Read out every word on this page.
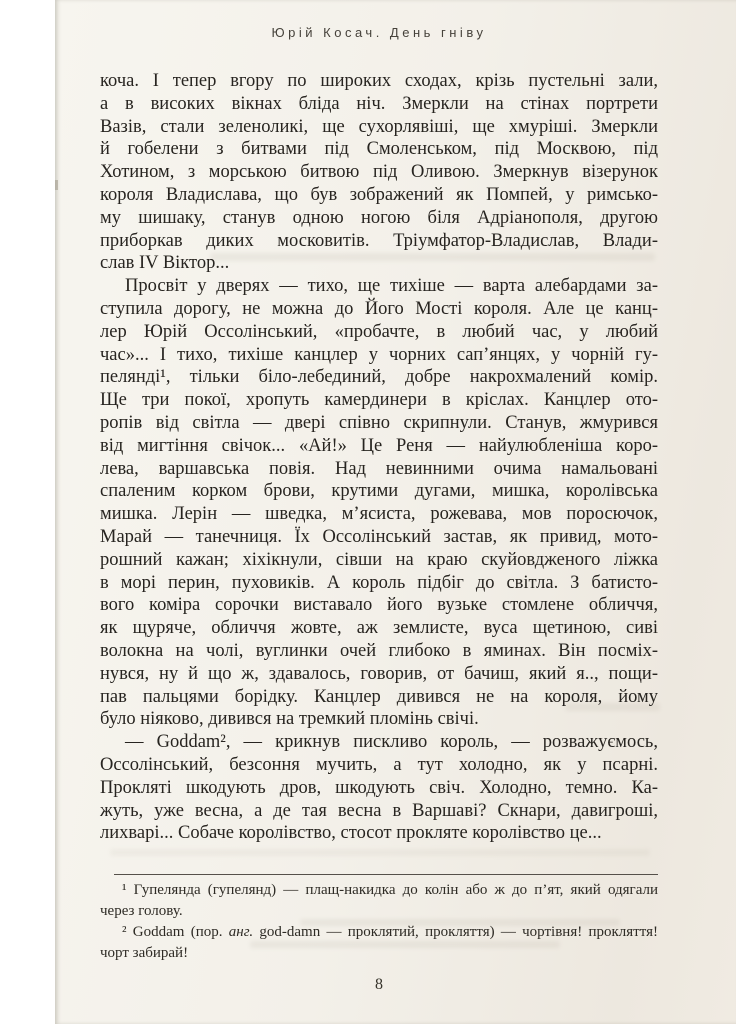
Юрій Косач. День гніву
коча. І тепер вгору по широких сходах, крізь пустельні зали,
а в високих вікнах бліда ніч. Змеркли на стінах портрети
Вазів, стали зеленоликі, ще сухорлявіші, ще хмуріші. Змеркли
й гобелени з битвами під Смоленськом, під Москвою, під
Хотином, з морською битвою під Оливою. Змеркнув візерунок
короля Владислава, що був зображений як Помпей, у римсько-
му шишаку, станув одною ногою біля Адріанополя, другою
приборкав диких московитів. Тріумфатор-Владислав, Влади-
слав IV Віктор...
Просвіт у дверях — тихо, ще тихіше — варта алебардами за-
ступила дорогу, не можна до Його Мості короля. Але це канц-
лер Юрій Оссолінський, «пробачте, в любий час, у любий
час»... І тихо, тихіше канцлер у чорних сап’янцях, у чорній гу-
пелянді¹, тільки біло-лебединий, добре накрохмалений комір.
Ще три покої, хропуть камердинери в кріслах. Канцлер ото-
ропів від світла — двері співно скрипнули. Станув, жмурився
від мигтіння свічок... «Ай!» Це Реня — найулюбленіша коро-
лева, варшавська повія. Над невинними очима намальовані
спаленим корком брови, крутими дугами, мишка, королівська
мишка. Лерін — шведка, м’ясиста, рожевава, мов поросючок,
Марай — танечниця. Їх Оссолінський застав, як привид, мото-
рошний кажан; хіхікнули, сівши на краю скуйовдженого ліжка
в морі перин, пуховиків. А король підбіг до світла. З батисто-
вого коміра сорочки виставало його вузьке стомлене обличчя,
як щуряче, обличчя жовте, аж землисте, вуса щетиною, сиві
волокна на чолі, вуглинки очей глибоко в яминах. Він посміх-
нувся, ну й що ж, здавалось, говорив, от бачиш, який я.., пощи-
пав пальцями борідку. Канцлер дивився не на короля, йому
було ніяково, дивився на тремкий пломінь свічі.
— Goddam², — крикнув пискливо король, — розважуємось,
Оссолінський, безсоння мучить, а тут холодно, як у псарні.
Прокляті шкодують дров, шкодують свіч. Холодно, темно. Ка-
жуть, уже весна, а де тая весна в Варшаві? Скнари, давигроші,
лихварі... Собаче королівство, стосот прокляте королівство це...
¹ Гупелянда (гупелянд) — плащ-накидка до колін або ж до п’ят, який одягали
через голову.
² Goddam (пор. анг. god-damn — проклятий, прокляття) — чортівня! прокляття!
чорт забирай!
8
